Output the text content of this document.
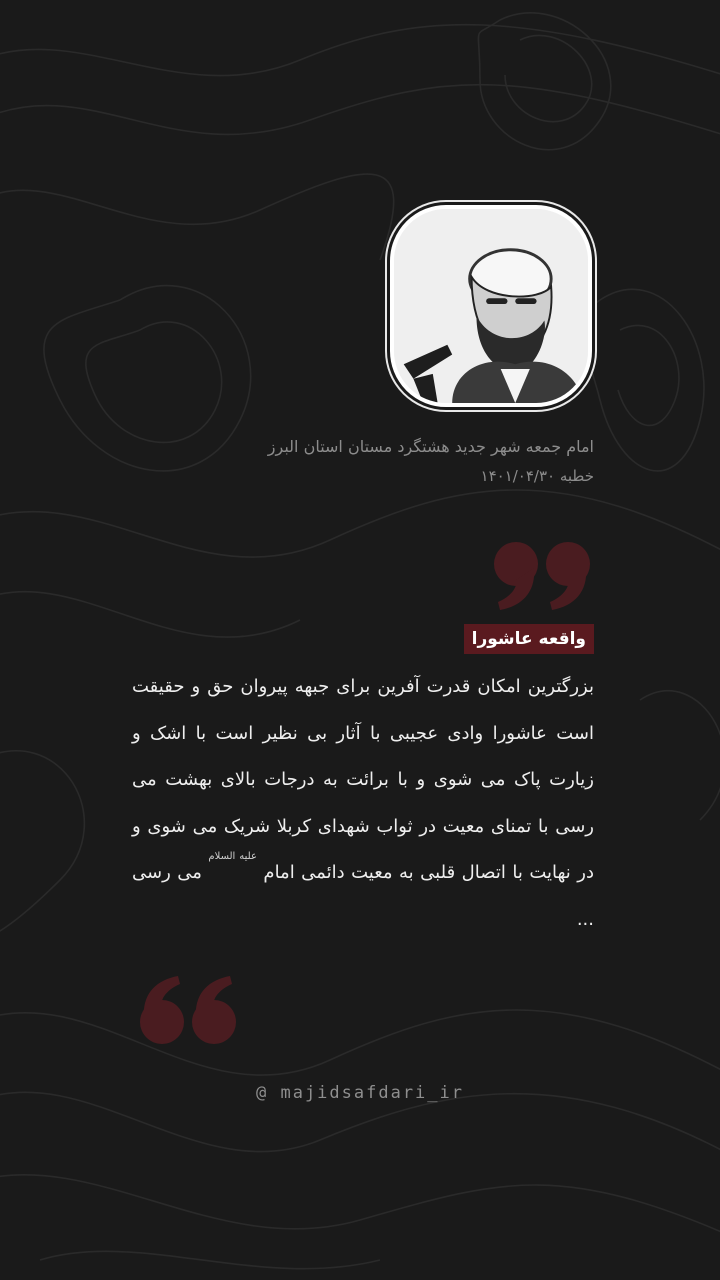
امام جمعه شهر جدید هشتگرد مستان استان البرز

خطبه ۱۴۰۱/۰۴/۳۰

واقعه عاشورا

بزرگترین امکان قدرت آفرین برای جبهه پیروان حق و حقیقت است عاشورا وادی عجیبی با آثار بی نظیر است با اشک و زیارت پاک می شوی و با برائت به درجات بالای بهشت می رسی با تمنای معیت در ثواب شهدای کربلا شریک می شوی و در نهایت با اتصال قلبی به معیت دائمی امام $^{علیه السلام}$ می رسی ...

@ majidsafdari_ir
